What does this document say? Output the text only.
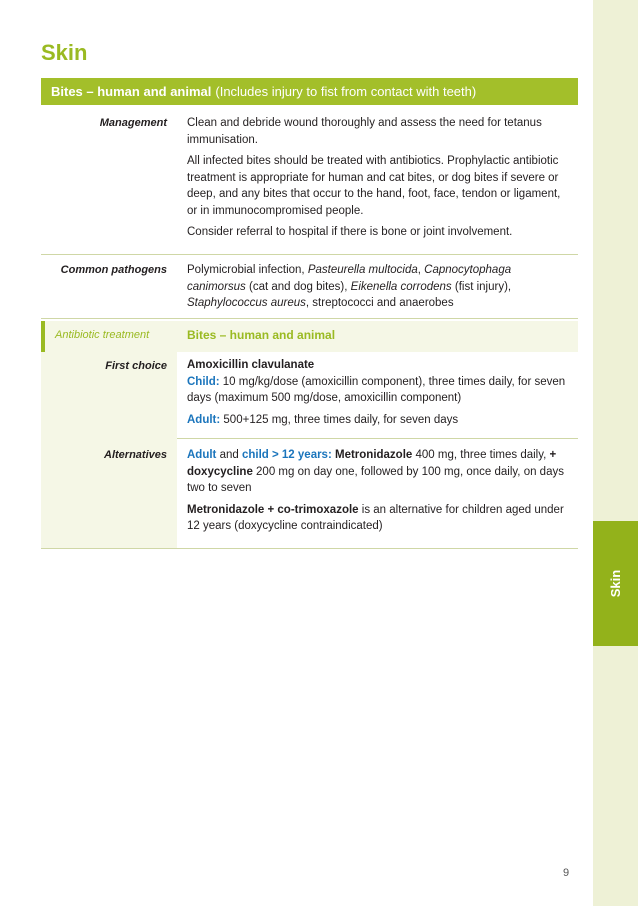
Skin
Skin
Bites – human and animal (Includes injury to fist from contact with teeth)
Management Clean and debride wound thoroughly and assess the need for tetanus immunisation.

All infected bites should be treated with antibiotics. Prophylactic antibiotic treatment is appropriate for human and cat bites, or dog bites if severe or deep, and any bites that occur to the hand, foot, face, tendon or ligament, or in immunocompromised people.

Consider referral to hospital if there is bone or joint involvement.

Common pathogens Polymicrobial infection, Pasteurella multocida, Capnocytophaga canimorsus (cat and dog bites), Eikenella corrodens (fist injury), Staphylococcus aureus, streptococci and anaerobes

Antibiotic treatment	Bites – human and animal
First choice Amoxicillin clavulanate
Child: 10 mg/kg/dose (amoxicillin component), three times daily, for seven days (maximum 500 mg/dose, amoxicillin component)

Adult: 500+125 mg, three times daily, for seven days

Alternatives Adult and child > 12 years: Metronidazole 400 mg, three times daily, + doxycycline 200 mg on day one, followed by 100 mg, once daily, on days two to seven

Metronidazole + co-trimoxazole is an alternative for children aged under 12 years (doxycycline contraindicated)

9
